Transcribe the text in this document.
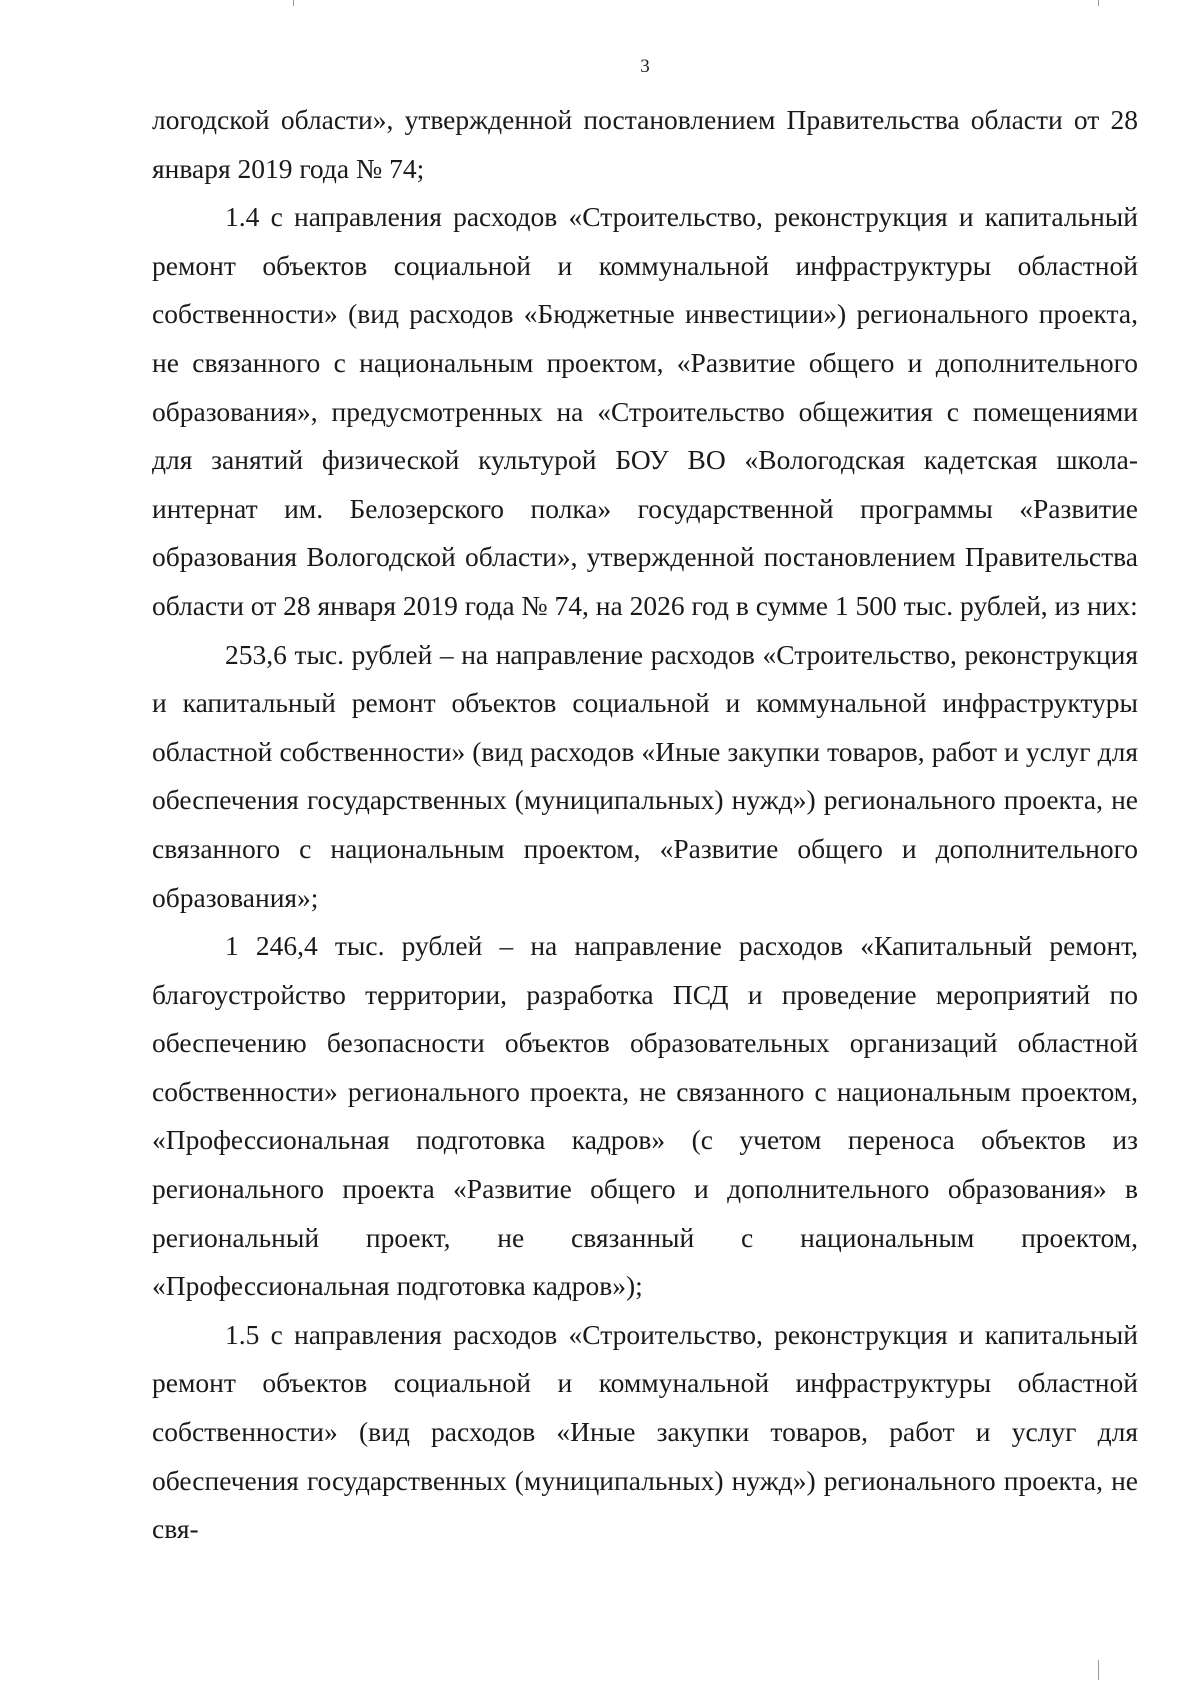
3

логодской области», утвержденной постановлением Правительства области от 28 января 2019 года № 74;

1.4 с направления расходов «Строительство, реконструкция и капитальный ремонт объектов социальной и коммунальной инфраструктуры областной собственности» (вид расходов «Бюджетные инвестиции») регионального проекта, не связанного с национальным проектом, «Развитие общего и дополнительного образования», предусмотренных на «Строительство общежития с помещениями для занятий физической культурой БОУ ВО «Вологодская кадетская школа-интернат им. Белозерского полка» государственной программы «Развитие образования Вологодской области», утвержденной постановлением Правительства области от 28 января 2019 года № 74, на 2026 год в сумме 1 500 тыс. рублей, из них:

253,6 тыс. рублей – на направление расходов «Строительство, реконструкция и капитальный ремонт объектов социальной и коммунальной инфраструктуры областной собственности» (вид расходов «Иные закупки товаров, работ и услуг для обеспечения государственных (муниципальных) нужд») регионального проекта, не связанного с национальным проектом, «Развитие общего и дополнительного образования»;

1 246,4 тыс. рублей – на направление расходов «Капитальный ремонт, благоустройство территории, разработка ПСД и проведение мероприятий по обеспечению безопасности объектов образовательных организаций областной собственности» регионального проекта, не связанного с национальным проектом, «Профессиональная подготовка кадров» (с учетом переноса объектов из регионального проекта «Развитие общего и дополнительного образования» в региональный проект, не связанный с национальным проектом, «Профессиональная подготовка кадров»);

1.5 с направления расходов «Строительство, реконструкция и капитальный ремонт объектов социальной и коммунальной инфраструктуры областной собственности» (вид расходов «Иные закупки товаров, работ и услуг для обеспечения государственных (муниципальных) нужд») регионального проекта, не свя-
